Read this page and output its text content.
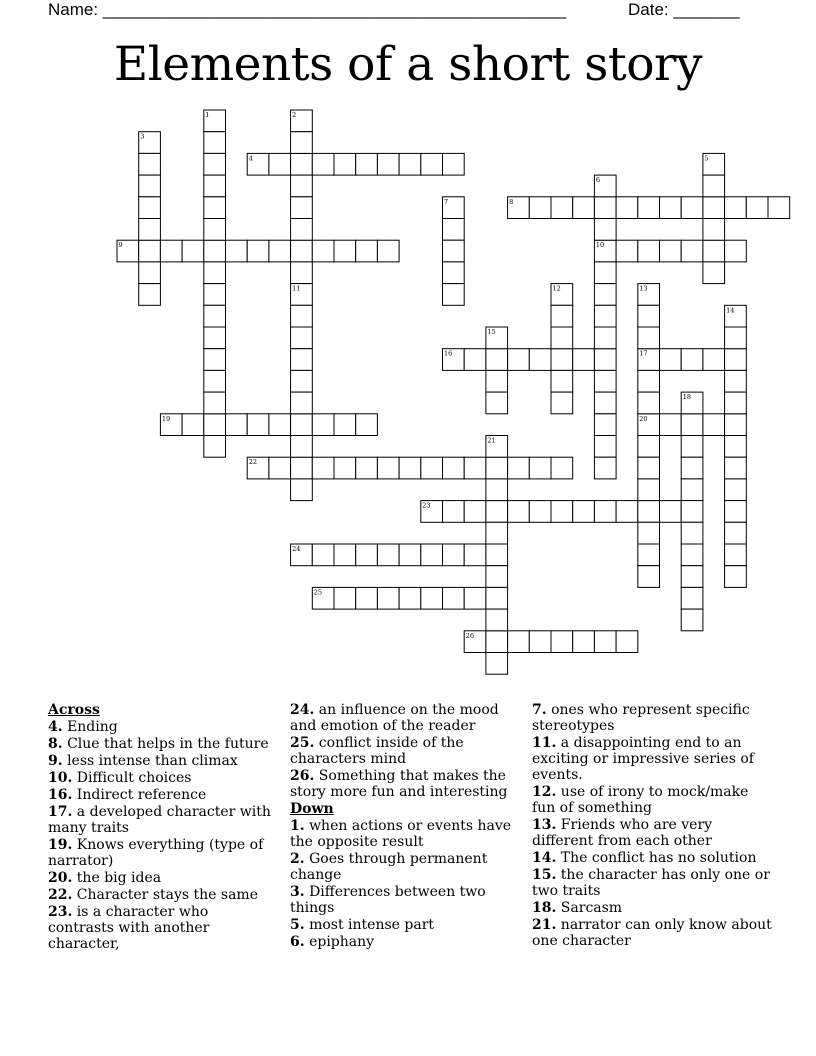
Name: _________________________________________________	Date: _______
Elements of a short story
1	2
3
4	5
6
7	8
9	10
11	12	13
14
15
16	17
18
19	20
21
22
23
24
25
26
Across
4. Ending
8. Clue that helps in the future
9. less intense than climax
10. Difficult choices
16. Indirect reference
17. a developed character with many traits
19. Knows everything (type of narrator)
20. the big idea
22. Character stays the same
23. is a character who contrasts with another character,
24. an influence on the mood and emotion of the reader
25. conflict inside of the characters mind
26. Something that makes the story more fun and interesting
Down
1. when actions or events have the opposite result
2. Goes through permanent change
3. Differences between two things
5. most intense part
6. epiphany
7. ones who represent specific stereotypes
11. a disappointing end to an exciting or impressive series of events.
12. use of irony to mock/make fun of something
13. Friends who are very different from each other
14. The conflict has no solution
15. the character has only one or two traits
18. Sarcasm
21. narrator can only know about one character
